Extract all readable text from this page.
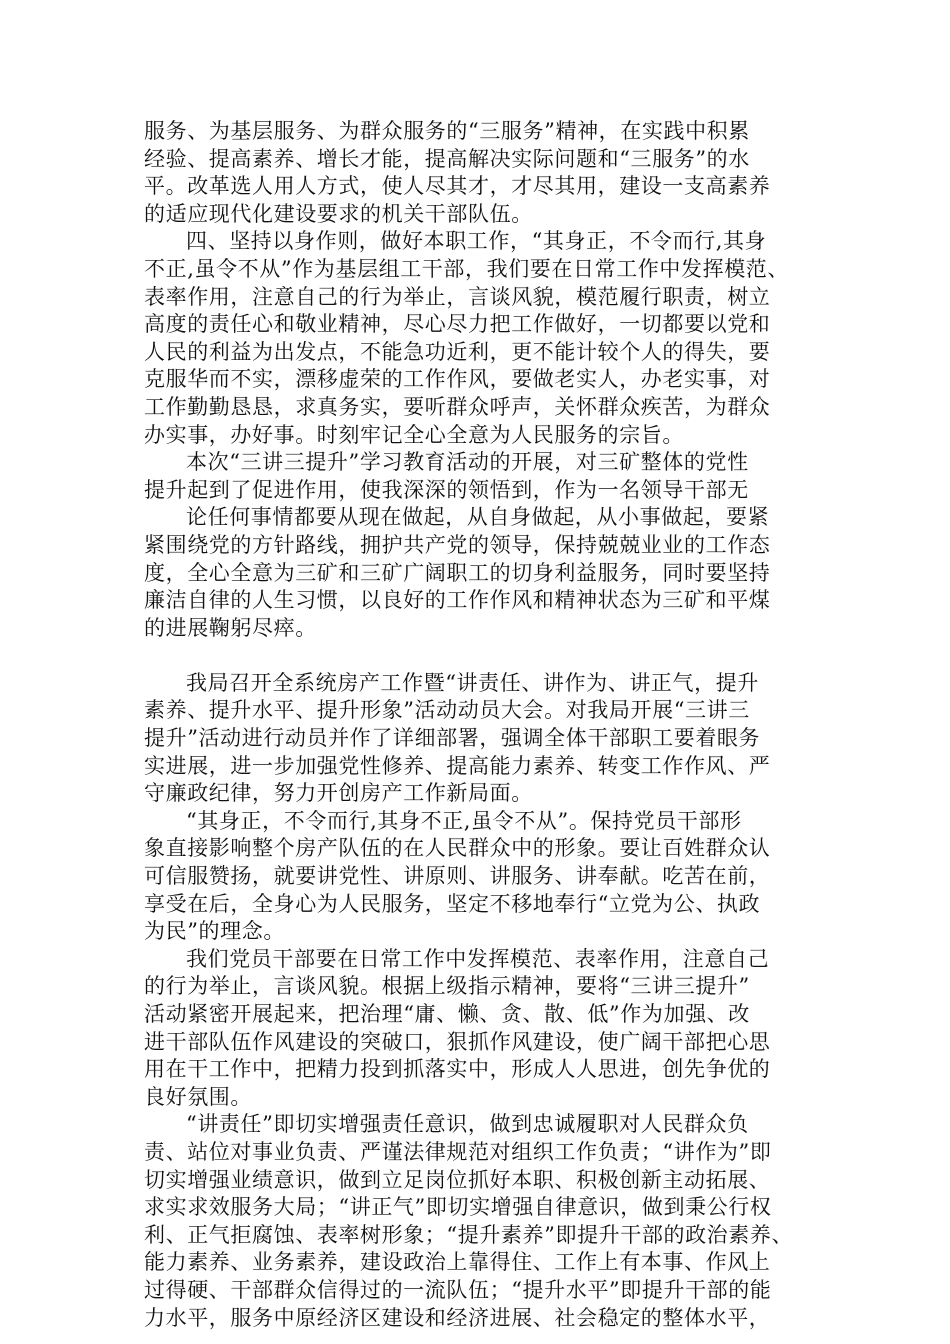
服务、为基层服务、为群众服务的“三服务”精神，在实践中积累
经验、提高素养、增长才能，提高解决实际问题和“三服务”的水
平。改革选人用人方式，使人尽其才，才尽其用，建设一支高素养
的适应现代化建设要求的机关干部队伍。
四、坚持以身作则，做好本职工作，“其身正，不令而行,其身
不正,虽令不从”作为基层组工干部，我们要在日常工作中发挥模范、
表率作用，注意自己的行为举止，言谈风貌，模范履行职责，树立
高度的责任心和敬业精神，尽心尽力把工作做好，一切都要以党和
人民的利益为出发点，不能急功近利，更不能计较个人的得失，要
克服华而不实，漂移虚荣的工作作风，要做老实人，办老实事，对
工作勤勤恳恳，求真务实，要听群众呼声，关怀群众疾苦，为群众
办实事，办好事。时刻牢记全心全意为人民服务的宗旨。
本次“三讲三提升”学习教育活动的开展，对三矿整体的党性
提升起到了促进作用，使我深深的领悟到，作为一名领导干部无
论任何事情都要从现在做起，从自身做起，从小事做起，要紧
紧围绕党的方针路线，拥护共产党的领导，保持兢兢业业的工作态
度，全心全意为三矿和三矿广阔职工的切身利益服务，同时要坚持
廉洁自律的人生习惯，以良好的工作作风和精神状态为三矿和平煤
的进展鞠躬尽瘁。
我局召开全系统房产工作暨“讲责任、讲作为、讲正气，提升
素养、提升水平、提升形象”活动动员大会。对我局开展“三讲三
提升”活动进行动员并作了详细部署，强调全体干部职工要着眼务
实进展，进一步加强党性修养、提高能力素养、转变工作作风、严
守廉政纪律，努力开创房产工作新局面。
“其身正，不令而行,其身不正,虽令不从”。保持党员干部形
象直接影响整个房产队伍的在人民群众中的形象。要让百姓群众认
可信服赞扬，就要讲党性、讲原则、讲服务、讲奉献。吃苦在前，
享受在后，全身心为人民服务，坚定不移地奉行“立党为公、执政
为民”的理念。
我们党员干部要在日常工作中发挥模范、表率作用，注意自己
的行为举止，言谈风貌。根据上级指示精神，要将“三讲三提升”
活动紧密开展起来，把治理“庸、懒、贪、散、低”作为加强、改
进干部队伍作风建设的突破口，狠抓作风建设，使广阔干部把心思
用在干工作中，把精力投到抓落实中，形成人人思进，创先争优的
良好氛围。
“讲责任”即切实增强责任意识，做到忠诚履职对人民群众负
责、站位对事业负责、严谨法律规范对组织工作负责；“讲作为”即
切实增强业绩意识，做到立足岗位抓好本职、积极创新主动拓展、
求实求效服务大局；“讲正气”即切实增强自律意识，做到秉公行权
利、正气拒腐蚀、表率树形象；“提升素养”即提升干部的政治素养、
能力素养、业务素养，建设政治上靠得住、工作上有本事、作风上
过得硬、干部群众信得过的一流队伍；“提升水平”即提升干部的能
力水平，服务中原经济区建设和经济进展、社会稳定的整体水平，
